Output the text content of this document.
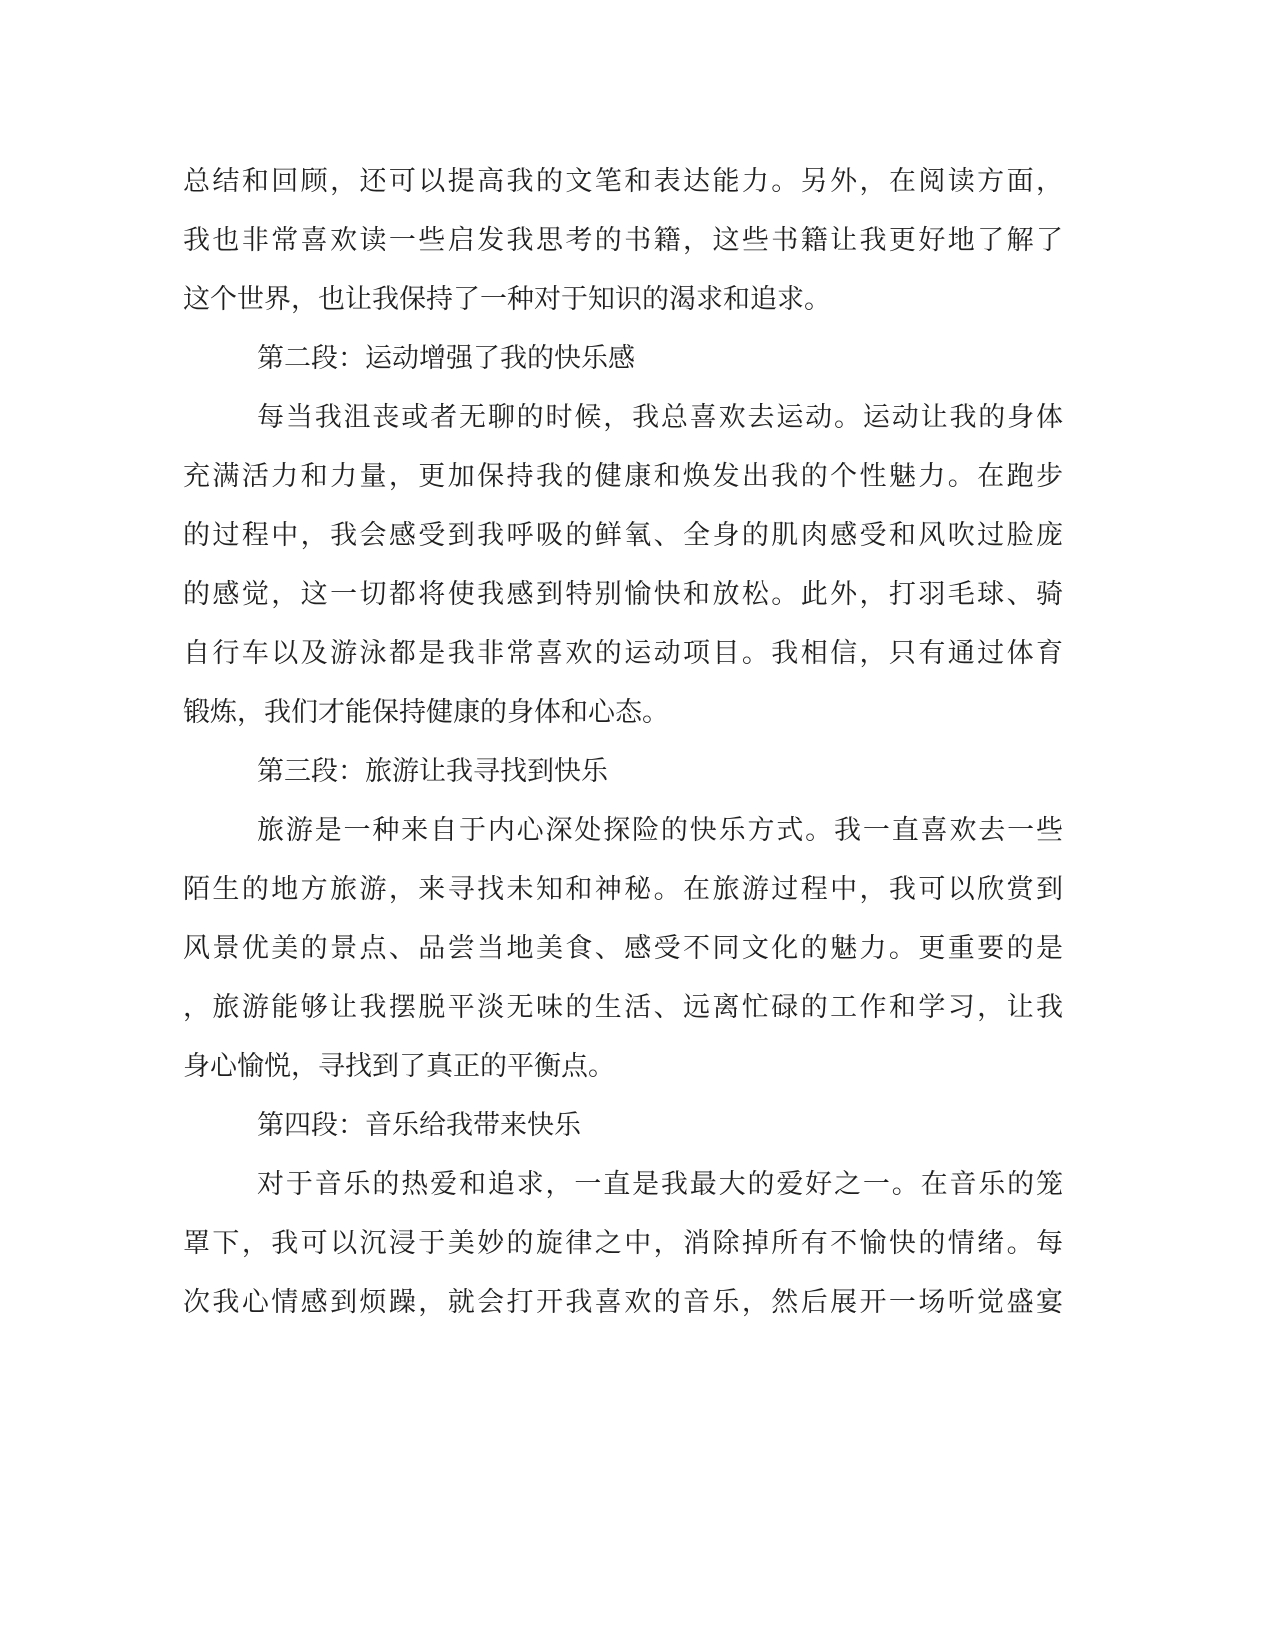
总结和回顾，还可以提高我的文笔和表达能力。另外，在阅读方面，
我也非常喜欢读一些启发我思考的书籍，这些书籍让我更好地了解了
这个世界，也让我保持了一种对于知识的渴求和追求。
第二段：运动增强了我的快乐感
每当我沮丧或者无聊的时候，我总喜欢去运动。运动让我的身体
充满活力和力量，更加保持我的健康和焕发出我的个性魅力。在跑步
的过程中，我会感受到我呼吸的鲜氧、全身的肌肉感受和风吹过脸庞
的感觉，这一切都将使我感到特别愉快和放松。此外，打羽毛球、骑
自行车以及游泳都是我非常喜欢的运动项目。我相信，只有通过体育
锻炼，我们才能保持健康的身体和心态。
第三段：旅游让我寻找到快乐
旅游是一种来自于内心深处探险的快乐方式。我一直喜欢去一些
陌生的地方旅游，来寻找未知和神秘。在旅游过程中，我可以欣赏到
风景优美的景点、品尝当地美食、感受不同文化的魅力。更重要的是
，旅游能够让我摆脱平淡无味的生活、远离忙碌的工作和学习，让我
身心愉悦，寻找到了真正的平衡点。
第四段：音乐给我带来快乐
对于音乐的热爱和追求，一直是我最大的爱好之一。在音乐的笼
罩下，我可以沉浸于美妙的旋律之中，消除掉所有不愉快的情绪。每
次我心情感到烦躁，就会打开我喜欢的音乐，然后展开一场听觉盛宴
